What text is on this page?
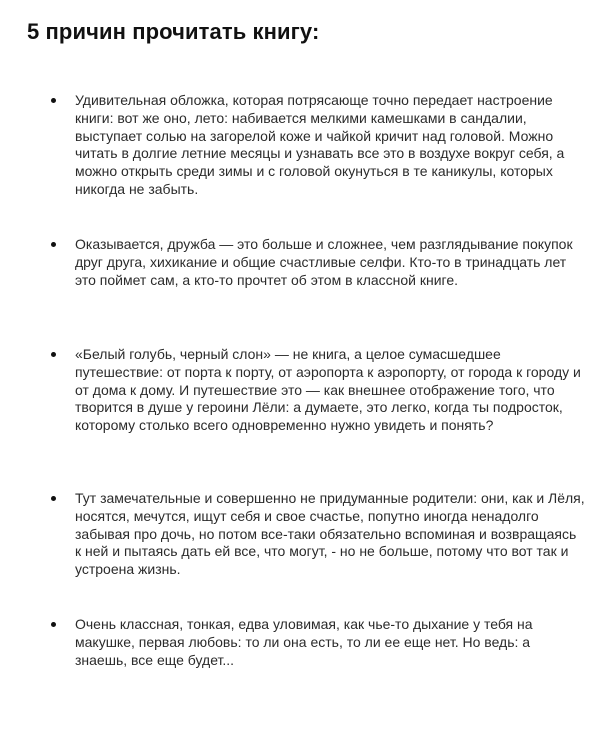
5 причин прочитать книгу:

Удивительная обложка, которая потрясающе точно передает настроение книги: вот же оно, лето: набивается мелкими камешками в сандалии, выступает солью на загорелой коже и чайкой кричит над головой. Можно читать в долгие летние месяцы и узнавать все это в воздухе вокруг себя, а можно открыть среди зимы и с головой окунуться в те каникулы, которых никогда не забыть.

Оказывается, дружба — это больше и сложнее, чем разглядывание покупок друг друга, хихикание и общие счастливые селфи. Кто-то в тринадцать лет это поймет сам, а кто-то прочтет об этом в классной книге.

«Белый голубь, черный слон» — не книга, а целое сумасшедшее путешествие: от порта к порту, от аэропорта к аэропорту, от города к городу и от дома к дому. И путешествие это — как внешнее отображение того, что творится в душе у героини Лёли: а думаете, это легко, когда ты подросток, которому столько всего одновременно нужно увидеть и понять?

Тут замечательные и совершенно не придуманные родители: они, как и Лёля, носятся, мечутся, ищут себя и свое счастье, попутно иногда ненадолго забывая про дочь, но потом все-таки обязательно вспоминая и возвращаясь к ней и пытаясь дать ей все, что могут, - но не больше, потому что вот так и устроена жизнь.

Очень классная, тонкая, едва уловимая, как чье-то дыхание у тебя на макушке, первая любовь: то ли она есть, то ли ее еще нет. Но ведь: а знаешь, все еще будет...
